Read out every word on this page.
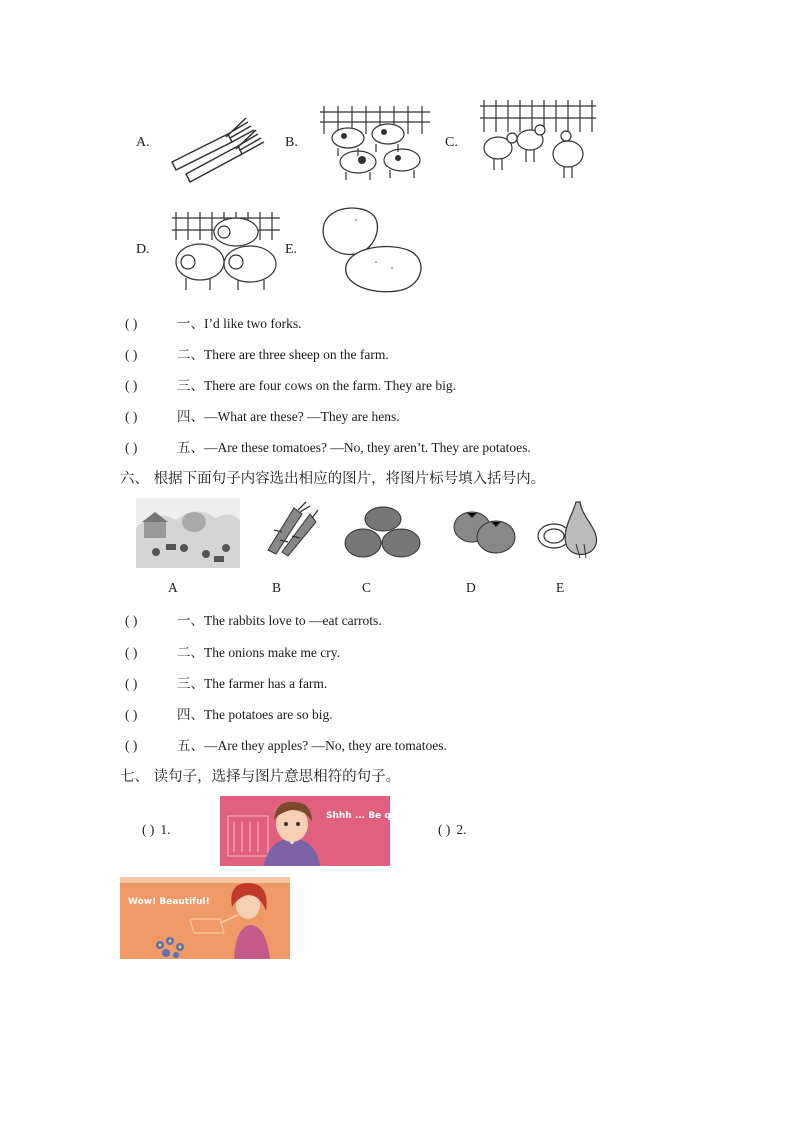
A.	B.	C.
D.	E.
( )	一、I’d like two forks.
( )	二、There are three sheep on the farm.
( )	三、There are four cows on the farm. They are big.
( )	四、—What are these? —They are hens.
( )	五、—Are these tomatoes? —No, they aren’t. They are potatoes.
六、 根据下面句子内容选出相应的图片，将图片标号填入括号内。
A	B	C	D	E
( )	一、The rabbits love to —eat carrots.
( )	二、The onions make me cry.
( )	三、The farmer has a farm.
( )	四、The potatoes are so big.
( )	五、—Are they apples? —No, they are tomatoes.
七、 读句子，选择与图片意思相符的句子。
( ) 1.
Shhh ... Be quiet!
( ) 2.
Wow! Beautiful!
